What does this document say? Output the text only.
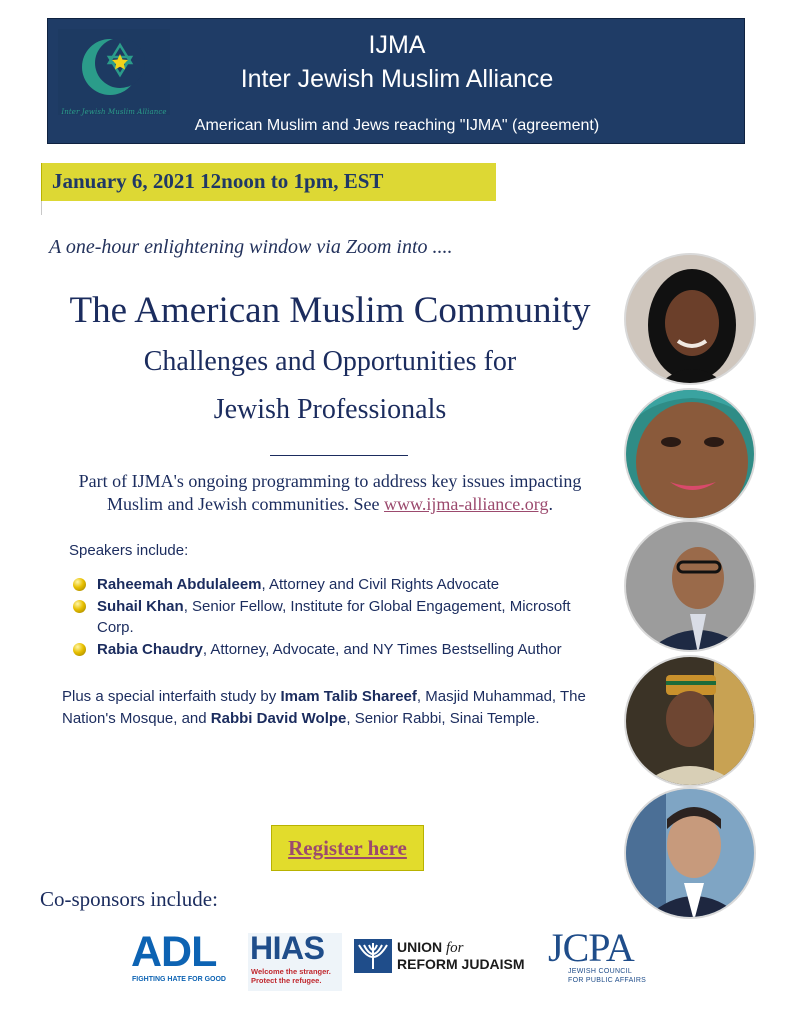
Inter Jewish Muslim Alliance
IJMA
Inter Jewish Muslim Alliance
American Muslim and Jews reaching "IJMA" (agreement)
January 6, 2021 12noon to 1pm, EST
A one-hour enlightening window via Zoom into ....
The American Muslim Community
Challenges and Opportunities for
Jewish Professionals
Part of IJMA's ongoing programming to address key issues impacting
Muslim and Jewish communities. See www.ijma-alliance.org.
Speakers include:
Raheemah Abdulaleem, Attorney and Civil Rights Advocate
Suhail Khan, Senior Fellow, Institute for Global Engagement, Microsoft Corp.
Rabia Chaudry, Attorney, Advocate, and NY Times Bestselling Author
Plus a special interfaith study by Imam Talib Shareef, Masjid Muhammad, The Nation's Mosque, and Rabbi David Wolpe, Senior Rabbi, Sinai Temple.
Register here
Co-sponsors include:
ADL
FIGHTING HATE FOR GOOD
HIAS
Welcome the stranger.
Protect the refugee.
UNION for
REFORM JUDAISM JCPA
JEWISH COUNCIL
FOR PUBLIC AFFAIRS
